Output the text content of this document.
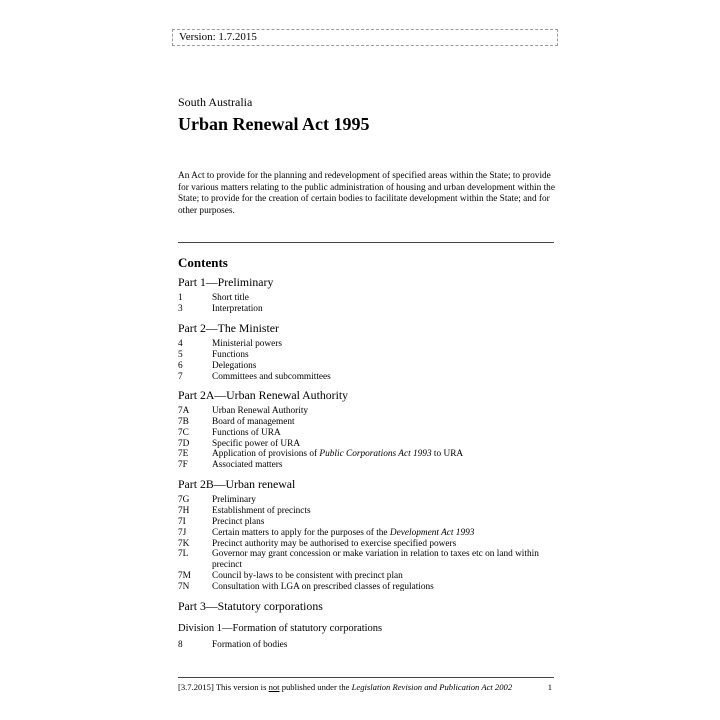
Version: 1.7.2015
South Australia
Urban Renewal Act 1995
An Act to provide for the planning and redevelopment of specified areas within the State; to provide for various matters relating to the public administration of housing and urban development within the State; to provide for the creation of certain bodies to facilitate development within the State; and for other purposes.
Contents
Part 1—Preliminary
1	Short title
3	Interpretation
Part 2—The Minister
4	Ministerial powers
5	Functions
6	Delegations
7	Committees and subcommittees
Part 2A—Urban Renewal Authority
7A Urban Renewal Authority
7B Board of management
7C Functions of URA
7D Specific power of URA
7E	Application of provisions of Public Corporations Act 1993 to URA
7F	Associated matters
Part 2B—Urban renewal
7G Preliminary
7H Establishment of precincts
7I	Precinct plans
7J	Certain matters to apply for the purposes of the Development Act 1993
7K Precinct authority may be authorised to exercise specified powers
7L	Governor may grant concession or make variation in relation to taxes etc on land within precinct
7M Council by-laws to be consistent with precinct plan
7N Consultation with LGA on prescribed classes of regulations
Part 3—Statutory corporations
Division 1—Formation of statutory corporations
8	Formation of bodies
[3.7.2015] This version is not published under the Legislation Revision and Publication Act 2002	1
